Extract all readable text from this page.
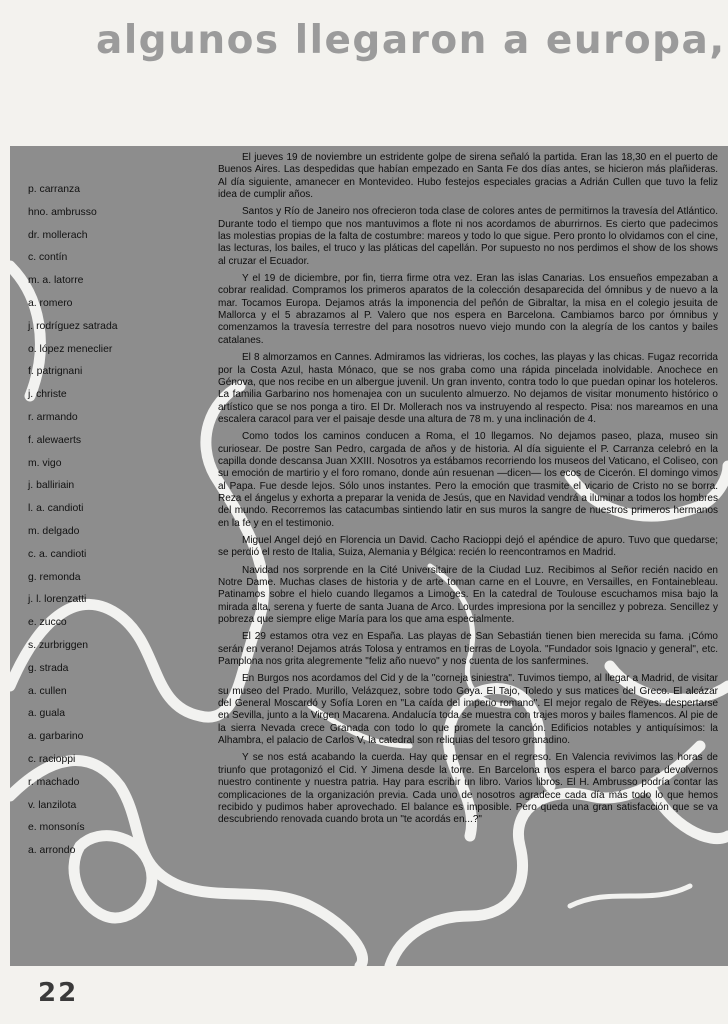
algunos llegaron a europa,
p. carranza
hno. ambrusso
dr. mollerach
c. contín
m. a. latorre
a. romero
j. rodríguez satrada
o. lópez meneclier
f. patrignani
j. christe
r. armando
f. alewaerts
m. vigo
j. balliriain
l. a. candioti
m. delgado
c. a. candioti
g. remonda
j. l. lorenzatti
e. zucco
s. zurbriggen
g. strada
a. cullen
a. guala
a. garbarino
c. racioppi
r. machado
v. lanzilota
e. monsonís
a. arrondo

El jueves 19 de noviembre un estridente golpe de sirena señaló la partida. Eran las 18,30 en el puerto de Buenos Aires. Las despedidas que habían empezado en Santa Fe dos días antes, se hicieron más plañideras. Al día siguiente, amanecer en Montevideo. Hubo festejos especiales gracias a Adrián Cullen que tuvo la feliz idea de cumplir años.

Santos y Río de Janeiro nos ofrecieron toda clase de colores antes de permitirnos la travesía del Atlántico. Durante todo el tiempo que nos mantuvimos a flote ni nos acordamos de aburrirnos. Es cierto que padecimos las molestias propias de la falta de costumbre: mareos y todo lo que sigue. Pero pronto lo olvidamos con el cine, las lecturas, los bailes, el truco y las pláticas del capellán. Por supuesto no nos perdimos el show de los shows al cruzar el Ecuador.

Y el 19 de diciembre, por fin, tierra firme otra vez. Eran las islas Canarias. Los ensueños empezaban a cobrar realidad. Compramos los primeros aparatos de la colección desaparecida del ómnibus y de nuevo a la mar. Tocamos Europa. Dejamos atrás la imponencia del peñón de Gibraltar, la misa en el colegio jesuita de Mallorca y el 5 abrazamos al P. Valero que nos espera en Barcelona. Cambiamos barco por ómnibus y comenzamos la travesía terrestre del para nosotros nuevo viejo mundo con la alegría de los cantos y bailes catalanes.

El 8 almorzamos en Cannes. Admiramos las vidrieras, los coches, las playas y las chicas. Fugaz recorrida por la Costa Azul, hasta Mónaco, que se nos graba como una rápida pincelada inolvidable. Anochece en Génova, que nos recibe en un albergue juvenil. Un gran invento, contra todo lo que puedan opinar los hoteleros. La familia Garbarino nos homenajea con un suculento almuerzo. No dejamos de visitar monumento histórico o artístico que se nos ponga a tiro. El Dr. Mollerach nos va instruyendo al respecto. Pisa: nos mareamos en una escalera caracol para ver el paisaje desde una altura de 78 m. y una inclinación de 4.

Como todos los caminos conducen a Roma, el 10 llegamos. No dejamos paseo, plaza, museo sin curiosear. De postre San Pedro, cargada de años y de historia. Al día siguiente el P. Carranza celebró en la capilla donde descansa Juan XXIII. Nosotros ya estábamos recorriendo los museos del Vaticano, el Coliseo, con su emoción de martirio y el foro romano, donde aún resuenan —dicen— los ecos de Cicerón. El domingo vimos al Papa. Fue desde lejos. Sólo unos instantes. Pero la emoción que trasmite el vicario de Cristo no se borra. Reza el ángelus y exhorta a preparar la venida de Jesús, que en Navidad vendrá a iluminar a todos los hombres del mundo. Recorremos las catacumbas sintiendo latir en sus muros la sangre de nuestros primeros hermanos en la fe y en el testimonio.

Miguel Angel dejó en Florencia un David. Cacho Racioppi dejó el apéndice de apuro. Tuvo que quedarse; se perdió el resto de Italia, Suiza, Alemania y Bélgica: recién lo reencontramos en Madrid.

Navidad nos sorprende en la Cité Universitaire de la Ciudad Luz. Recibimos al Señor recién nacido en Notre Dame. Muchas clases de historia y de arte toman carne en el Louvre, en Versailles, en Fontainebleau. Patinamos sobre el hielo cuando llegamos a Limoges. En la catedral de Toulouse escuchamos misa bajo la mirada alta, serena y fuerte de santa Juana de Arco. Lourdes impresiona por la sencillez y pobreza. Sencillez y pobreza que siempre elige María para los que ama especialmente.

El 29 estamos otra vez en España. Las playas de San Sebastián tienen bien merecida su fama. ¡Cómo serán en verano! Dejamos atrás Tolosa y entramos en tierras de Loyola. "Fundador sois Ignacio y general", etc. Pamplona nos grita alegremente "feliz año nuevo" y nos cuenta de los sanfermines.

En Burgos nos acordamos del Cid y de la "corneja siniestra". Tuvimos tiempo, al llegar a Madrid, de visitar su museo del Prado. Murillo, Velázquez, sobre todo Goya. El Tajo, Toledo y sus matices del Greco. El alcázar del General Moscardó y Sofía Loren en "La caída del imperio romano". El mejor regalo de Reyes: despertarse en Sevilla, junto a la Virgen Macarena. Andalucía toda se muestra con trajes moros y bailes flamencos. Al pie de la sierra Nevada crece Granada con todo lo que promete la canción. Edificios notables y antiquísimos: la Alhambra, el palacio de Carlos V, la catedral son reliquias del tesoro granadino.

Y se nos está acabando la cuerda. Hay que pensar en el regreso. En Valencia revivimos las horas de triunfo que protagonizó el Cid. Y Jimena desde la torre. En Barcelona nos espera el barco para devolvernos nuestro continente y nuestra patria. Hay para escribir un libro. Varios libros. El H. Ambrusso podría contar las complicaciones de la organización previa. Cada uno de nosotros agradece cada día más todo lo que hemos recibido y pudimos haber aprovechado. El balance es imposible. Pero queda una gran satisfacción que se va descubriendo renovada cuando brota un "te acordás en...?"

22
